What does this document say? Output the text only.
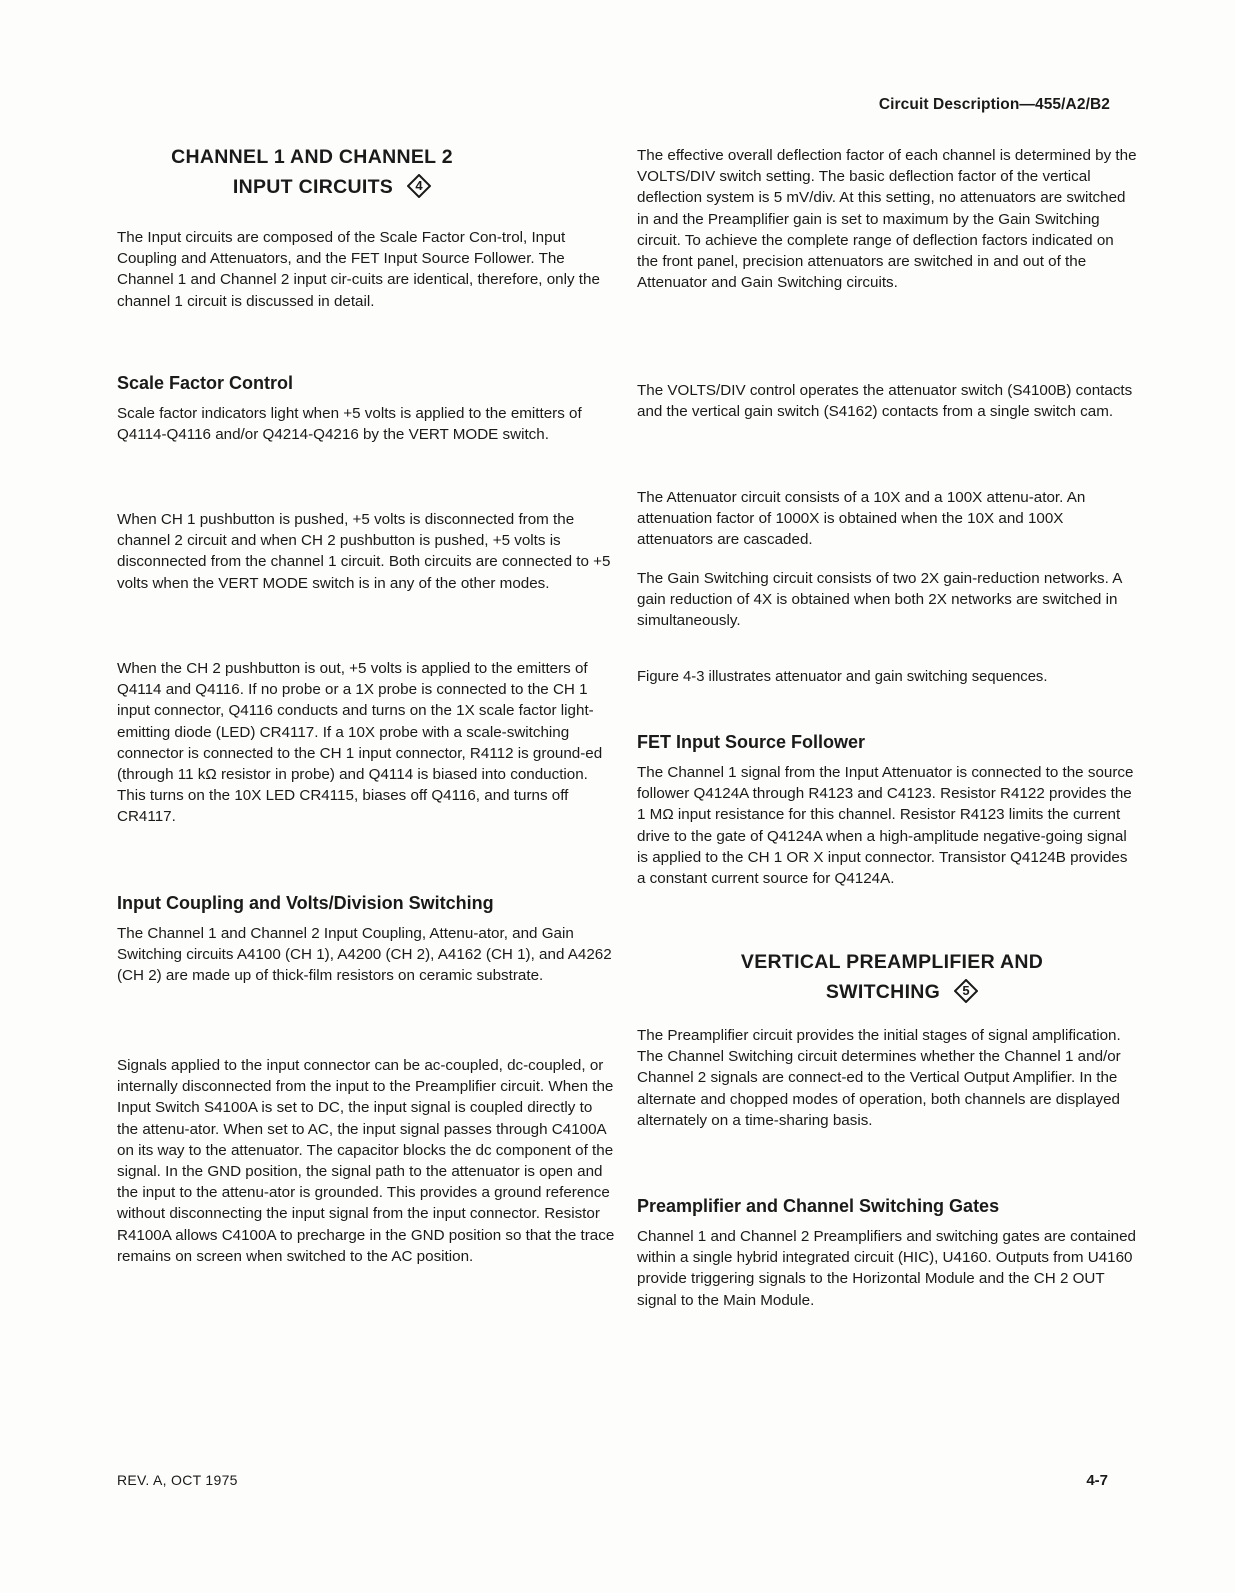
Circuit Description—455/A2/B2
CHANNEL 1 AND CHANNEL 2
INPUT CIRCUITS	4

The Input circuits are composed of the Scale Factor Con-trol, Input Coupling and Attenuators, and the FET Input Source Follower. The Channel 1 and Channel 2 input cir-cuits are identical, therefore, only the channel 1 circuit is discussed in detail.

Scale Factor Control

Scale factor indicators light when +5 volts is applied to the emitters of Q4114-Q4116 and/or Q4214-Q4216 by the VERT MODE switch.

When CH 1 pushbutton is pushed, +5 volts is disconnected from the channel 2 circuit and when CH 2 pushbutton is pushed, +5 volts is disconnected from the channel 1 circuit. Both circuits are connected to +5 volts when the VERT MODE switch is in any of the other modes.

When the CH 2 pushbutton is out, +5 volts is applied to the emitters of Q4114 and Q4116. If no probe or a 1X probe is connected to the CH 1 input connector, Q4116 conducts and turns on the 1X scale factor light-emitting diode (LED) CR4117. If a 10X probe with a scale-switching connector is connected to the CH 1 input connector, R4112 is ground-ed (through 11 kΩ resistor in probe) and Q4114 is biased into conduction. This turns on the 10X LED CR4115, biases off Q4116, and turns off CR4117.

Input Coupling and Volts/Division Switching

The Channel 1 and Channel 2 Input Coupling, Attenu-ator, and Gain Switching circuits A4100 (CH 1), A4200 (CH 2), A4162 (CH 1), and A4262 (CH 2) are made up of thick-film resistors on ceramic substrate.

Signals applied to the input connector can be ac-coupled, dc-coupled, or internally disconnected from the input to the Preamplifier circuit. When the Input Switch S4100A is set to DC, the input signal is coupled directly to the attenu-ator. When set to AC, the input signal passes through C4100A on its way to the attenuator. The capacitor blocks the dc component of the signal. In the GND position, the signal path to the attenuator is open and the input to the attenu-ator is grounded. This provides a ground reference without disconnecting the input signal from the input connector. Resistor R4100A allows C4100A to precharge in the GND position so that the trace remains on screen when switched to the AC position.

The effective overall deflection factor of each channel is determined by the VOLTS/DIV switch setting. The basic deflection factor of the vertical deflection system is 5 mV/div. At this setting, no attenuators are switched in and the Preamplifier gain is set to maximum by the Gain Switching circuit. To achieve the complete range of deflection factors indicated on the front panel, precision attenuators are switched in and out of the Attenuator and Gain Switching circuits.

The VOLTS/DIV control operates the attenuator switch (S4100B) contacts and the vertical gain switch (S4162) contacts from a single switch cam.

The Attenuator circuit consists of a 10X and a 100X attenu-ator. An attenuation factor of 1000X is obtained when the 10X and 100X attenuators are cascaded.

The Gain Switching circuit consists of two 2X gain-reduction networks. A gain reduction of 4X is obtained when both 2X networks are switched in simultaneously.

Figure 4-3 illustrates attenuator and gain switching sequences.

FET Input Source Follower

The Channel 1 signal from the Input Attenuator is connected to the source follower Q4124A through R4123 and C4123. Resistor R4122 provides the 1 MΩ input resistance for this channel. Resistor R4123 limits the current drive to the gate of Q4124A when a high-amplitude negative-going signal is applied to the CH 1 OR X input connector. Transistor Q4124B provides a constant current source for Q4124A.

VERTICAL PREAMPLIFIER AND
SWITCHING	5

The Preamplifier circuit provides the initial stages of signal amplification. The Channel Switching circuit determines whether the Channel 1 and/or Channel 2 signals are connect-ed to the Vertical Output Amplifier. In the alternate and chopped modes of operation, both channels are displayed alternately on a time-sharing basis.

Preamplifier and Channel Switching Gates

Channel 1 and Channel 2 Preamplifiers and switching gates are contained within a single hybrid integrated circuit (HIC), U4160. Outputs from U4160 provide triggering signals to the Horizontal Module and the CH 2 OUT signal to the Main Module.

REV. A, OCT 1975	4-7
